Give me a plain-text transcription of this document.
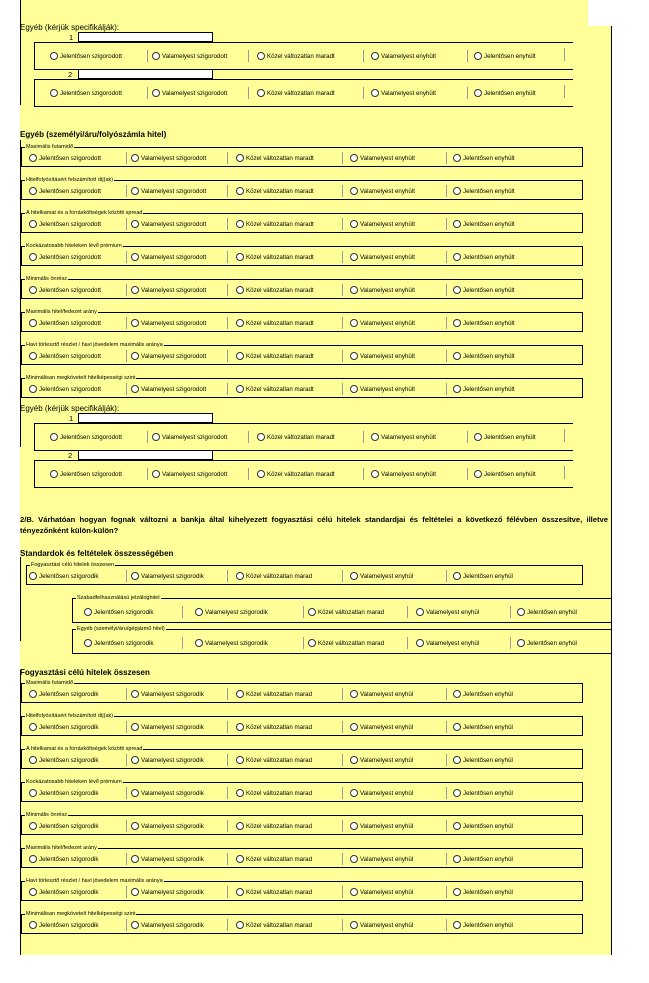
Egyéb (kérjük specifikálják):
1
Jelentősen szigorodott	Valamelyest szigorodott	Közel változatlan maradt	Valamelyest enyhült	Jelentősen enyhült
2
Jelentősen szigorodott	Valamelyest szigorodott	Közel változatlan maradt	Valamelyest enyhült	Jelentősen enyhült
Egyéb (személyi/áru/folyószámla hitel)
Maximális futamidő
Jelentősen szigorodott	Valamelyest szigorodott	Közel változatlan maradt	Valamelyest enyhült	Jelentősen enyhült
Hitelfolyósításért felszámított díj(ak)
Jelentősen szigorodott	Valamelyest szigorodott	Közel változatlan maradt	Valamelyest enyhült	Jelentősen enyhült
A hitelkamat és a forrásköltségek közötti spread
Jelentősen szigorodott	Valamelyest szigorodott	Közel változatlan maradt	Valamelyest enyhült	Jelentősen enyhült
Kockázatosabb hiteleken lévő prémium
Jelentősen szigorodott	Valamelyest szigorodott	Közel változatlan maradt	Valamelyest enyhült	Jelentősen enyhült
Minimális önrész
Jelentősen szigorodott	Valamelyest szigorodott	Közel változatlan maradt	Valamelyest enyhült	Jelentősen enyhült
Maximális hitel/fedezet arány
Jelentősen szigorodott	Valamelyest szigorodott	Közel változatlan maradt	Valamelyest enyhült	Jelentősen enyhült
Havi törlesztő részlet / havi jövedelem maximális aránya
Jelentősen szigorodott	Valamelyest szigorodott	Közel változatlan maradt	Valamelyest enyhült	Jelentősen enyhült
Minimálisan megkövetelt hitelképességi szint
Jelentősen szigorodott	Valamelyest szigorodott	Közel változatlan maradt	Valamelyest enyhült	Jelentősen enyhült
Egyéb (kérjük specifikálják):
1
Jelentősen szigorodott	Valamelyest szigorodott	Közel változatlan maradt	Valamelyest enyhült	Jelentősen enyhült
2
Jelentősen szigorodott	Valamelyest szigorodott	Közel változatlan maradt	Valamelyest enyhült	Jelentősen enyhült
2/B. Várhatóan hogyan fognak változni a bankja által kihelyezett fogyasztási célú hitelek standardjai és feltételei a következő félévben összesítve, illetve tényezőnként külön-külön?
Standardok és feltételek összességében
Fogyasztási célú hitelek összesen
Jelentősen szigorodik	Valamelyest szigorodik	Közel változatlan marad	Valamelyest enyhül	Jelentősen enyhül
Szabadfelhasználású jelzáloghitel
Jelentősen szigorodik	Valamelyest szigorodik	Közel változatlan marad	Valamelyest enyhül	Jelentősen enyhül
Egyéb (személyi/áru/gépjármű hitel)
Jelentősen szigorodik	Valamelyest szigorodik	Közel változatlan marad	Valamelyest enyhül	Jelentősen enyhül
Fogyasztási célú hitelek összesen
Maximális futamidő
Jelentősen szigorodik	Valamelyest szigorodik	Közel változatlan marad	Valamelyest enyhül	Jelentősen enyhül
Hitelfolyósításért felszámított díj(ak)
Jelentősen szigorodik	Valamelyest szigorodik	Közel változatlan marad	Valamelyest enyhül	Jelentősen enyhül
A hitelkamat és a forrásköltségek közötti spread
Jelentősen szigorodik	Valamelyest szigorodik	Közel változatlan marad	Valamelyest enyhül	Jelentősen enyhül
Kockázatosabb hiteleken lévő prémium
Jelentősen szigorodik	Valamelyest szigorodik	Közel változatlan marad	Valamelyest enyhül	Jelentősen enyhül
Minimális önrész
Jelentősen szigorodik	Valamelyest szigorodik	Közel változatlan marad	Valamelyest enyhül	Jelentősen enyhül
Maximális hitel/fedezet arány
Jelentősen szigorodik	Valamelyest szigorodik	Közel változatlan marad	Valamelyest enyhül	Jelentősen enyhül
Havi törlesztő részlet / havi jövedelem maximális aránya
Jelentősen szigorodik	Valamelyest szigorodik	Közel változatlan marad	Valamelyest enyhül	Jelentősen enyhül
Minimálisan megkövetelt hitelképességi szint
Jelentősen szigorodik	Valamelyest szigorodik	Közel változatlan marad	Valamelyest enyhül	Jelentősen enyhül
